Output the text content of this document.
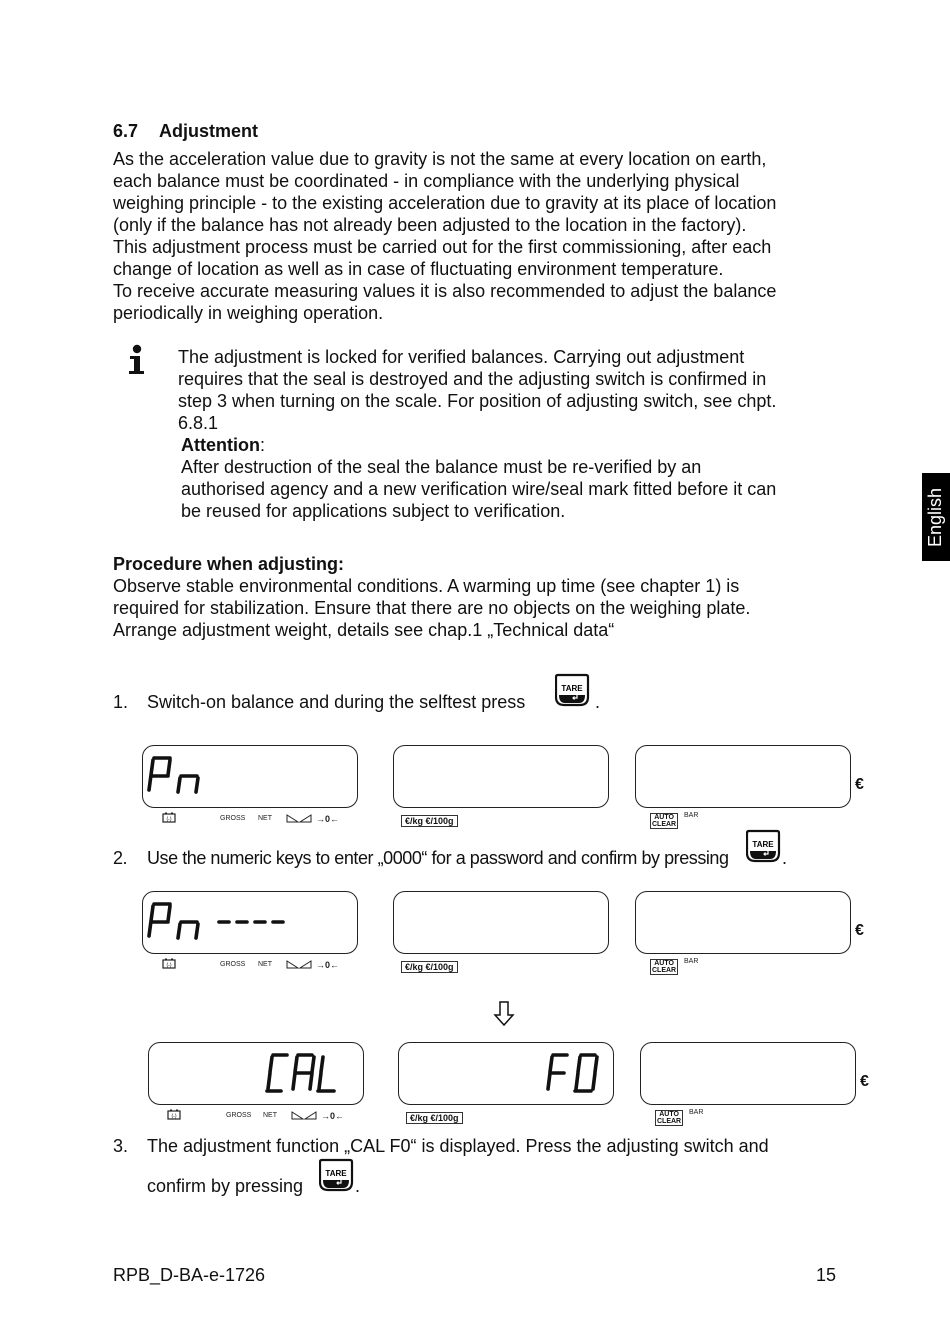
6.7 Adjustment
As the acceleration value due to gravity is not the same at every location on earth,
each balance must be coordinated - in compliance with the underlying physical
weighing principle - to the existing acceleration due to gravity at its place of location
(only if the balance has not already been adjusted to the location in the factory).
This adjustment process must be carried out for the first commissioning, after each
change of location as well as in case of fluctuating environment temperature.
To receive accurate measuring values it is also recommended to adjust the balance
periodically in weighing operation.
The adjustment is locked for verified balances. Carrying out adjustment
requires that the seal is destroyed and the adjusting switch is confirmed in
step 3 when turning on the scale. For position of adjusting switch, see chpt.
6.8.1
Attention:
After destruction of the seal the balance must be re-verified by an
authorised agency and a new verification wire/seal mark fitted before it can
be reused for applications subject to verification.	English
Procedure when adjusting:
Observe stable environmental conditions. A warming up time (see chapter 1) is
required for stabilization. Ensure that there are no objects on the weighing plate.
Arrange adjustment weight, details see chap.1 „Technical data“
1. Switch-on balance and during the selftest press
TARE
.
€
(-)	GROSS NET	→0←	€/kg €/100g	AUTO
CLEAR
BAR
2. Use the numeric keys to enter „0000“ for a password and confirm by pressing
TARE
.
€
(-)	GROSS NET	→0←	€/kg €/100g	AUTO
CLEAR
BAR
€
(-)	GROSS NET	→0←	€/kg €/100g	AUTO
CLEAR
BAR
3. The adjustment function „CAL F0“ is displayed. Press the adjusting switch and
confirm by pressing
TARE
.
RPB_D-BA-e-1726	15
